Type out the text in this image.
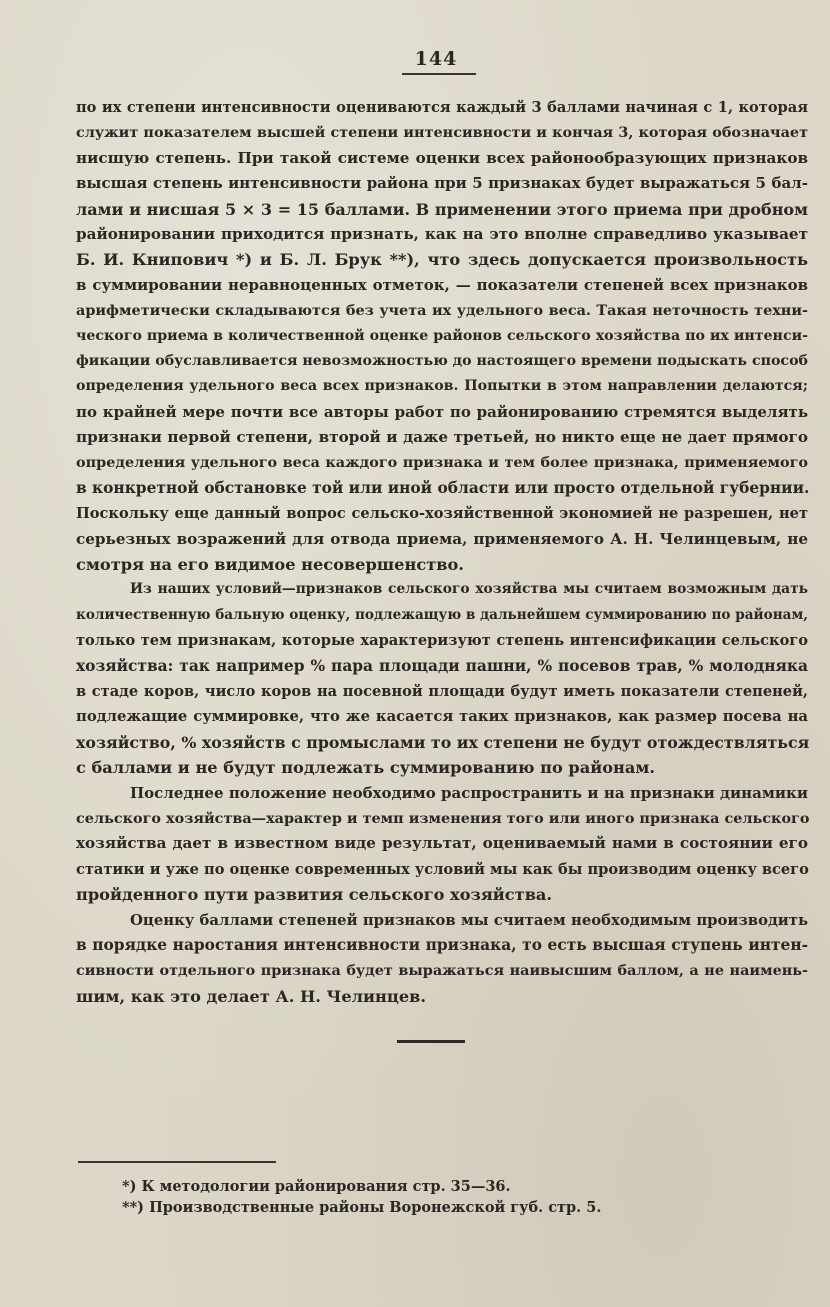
144
по их степени интенсивности оцениваются каждый 3 баллами начиная с 1, которая
служит показателем высшей степени интенсивности и кончая 3, которая обозначает
нисшую степень. При такой системе оценки всех районообразующих признаков
высшая степень интенсивности района при 5 признаках будет выражаться 5 бал-
лами и нисшая 5 × 3 = 15 баллами. В применении этого приема при дробном
районировании приходится признать, как на это вполне справедливо указывает
Б. И. Книпович *) и Б. Л. Брук **), что здесь допускается произвольность
в суммировании неравноценных отметок, — показатели степеней всех признаков
арифметически складываются без учета их удельного веса. Такая неточность техни-
ческого приема в количественной оценке районов сельского хозяйства по их интенси-
фикации обуславливается невозможностью до настоящего времени подыскать способ
определения удельного веса всех признаков. Попытки в этом направлении делаются;
по крайней мере почти все авторы работ по районированию стремятся выделять
признаки первой степени, второй и даже третьей, но никто еще не дает прямого
определения удельного веса каждого признака и тем более признака, применяемого
в конкретной обстановке той или иной области или просто отдельной губернии.
Поскольку еще данный вопрос сельско-хозяйственной экономией не разрешен, нет
серьезных возражений для отвода приема, применяемого А. Н. Челинцевым, не
смотря на его видимое несовершенство.
Из наших условий—признаков сельского хозяйства мы считаем возможным дать
количественную бальную оценку, подлежащую в дальнейшем суммированию по районам,
только тем признакам, которые характеризуют степень интенсификации сельского
хозяйства: так например % пара площади пашни, % посевов трав, % молодняка
в стаде коров, число коров на посевной площади будут иметь показатели степеней,
подлежащие суммировке, что же касается таких признаков, как размер посева на
хозяйство, % хозяйств с промыслами то их степени не будут отождествляться
с баллами и не будут подлежать суммированию по районам.
Последнее положение необходимо распространить и на признаки динамики
сельского хозяйства—характер и темп изменения того или иного признака сельского
хозяйства дает в известном виде результат, оцениваемый нами в состоянии его
статики и уже по оценке современных условий мы как бы производим оценку всего
пройденного пути развития сельского хозяйства.
Оценку баллами степеней признаков мы считаем необходимым производить
в порядке наростания интенсивности признака, то есть высшая ступень интен-
сивности отдельного признака будет выражаться наивысшим баллом, а не наимень-
шим, как это делает А. Н. Челинцев.
*) К методологии районирования стр. 35—36.
**) Производственные районы Воронежской губ. стр. 5.
